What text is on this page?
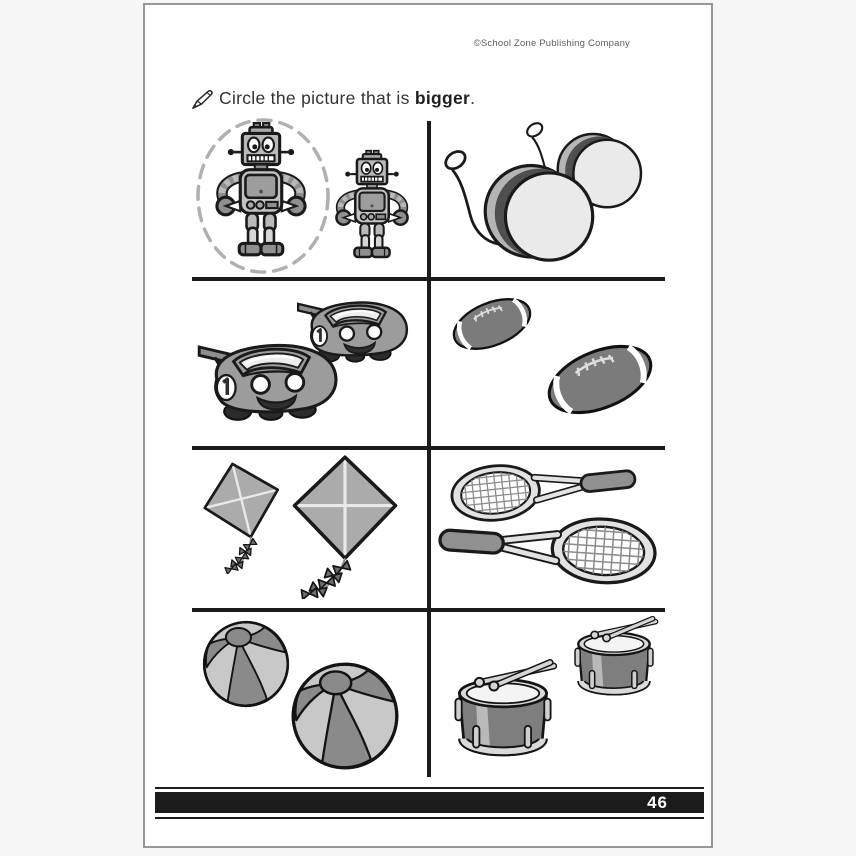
©School Zone Publishing Company
Circle the picture that is bigger.
46
